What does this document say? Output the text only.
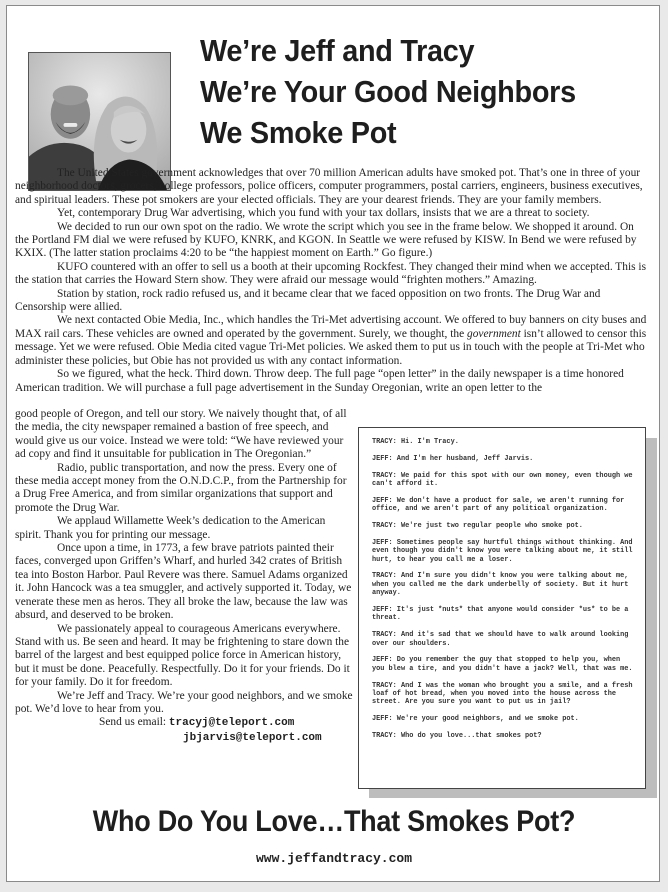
We’re Jeff and Tracy
We’re Your Good Neighbors
We Smoke Pot

The United States government acknowledges that over 70 million American adults have smoked pot. That’s one in three of your neighborhood doctors, grocers, college professors, police officers, computer programmers, postal carriers, engineers, business executives, and spiritual leaders. These pot smokers are your elected officials. They are your dearest friends. They are your family members.

Yet, contemporary Drug War advertising, which you fund with your tax dollars, insists that we are a threat to society.

We decided to run our own spot on the radio. We wrote the script which you see in the frame below. We shopped it around. On the Portland FM dial we were refused by KUFO, KNRK, and KGON. In Seattle we were refused by KISW. In Bend we were refused by KXIX. (The latter station proclaims 4:20 to be “the happiest moment on Earth.” Go figure.)

KUFO countered with an offer to sell us a booth at their upcoming Rockfest. They changed their mind when we accepted. This is the station that carries the Howard Stern show. They were afraid our message would “frighten mothers.” Amazing.

Station by station, rock radio refused us, and it became clear that we faced opposition on two fronts. The Drug War and Censorship were allied.

We next contacted Obie Media, Inc., which handles the Tri-Met advertising account. We offered to buy banners on city buses and MAX rail cars. These vehicles are owned and operated by the government. Surely, we thought, the government isn’t allowed to censor this message. Yet we were refused. Obie Media cited vague Tri-Met policies. We asked them to put us in touch with the people at Tri-Met who administer these policies, but Obie has not provided us with any contact information.

So we figured, what the heck. Third down. Throw deep. The full page “open letter” in the daily newspaper is a time honored American tradition. We will purchase a full page advertisement in the Sunday Oregonian, write an open letter to the

good people of Oregon, and tell our story. We naively thought that, of all the media, the city newspaper remained a bastion of free speech, and would give us our voice. Instead we were told: “We have reviewed your ad copy and find it unsuitable for publication in The Oregonian.”

Radio, public transportation, and now the press. Every one of these media accept money from the O.N.D.C.P., from the Partnership for a Drug Free America, and from similar organizations that support and promote the Drug War.

We applaud Willamette Week’s dedication to the American spirit. Thank you for printing our message.

Once upon a time, in 1773, a few brave patriots painted their faces, converged upon Griffen’s Wharf, and hurled 342 crates of British tea into Boston Harbor. Paul Revere was there. Samuel Adams organized it. John Hancock was a tea smuggler, and actively supported it. Today, we venerate these men as heros. They all broke the law, because the law was absurd, and deserved to be broken.

We passionately appeal to courageous Americans everywhere. Stand with us. Be seen and heard. It may be frightening to stare down the barrel of the largest and best equipped police force in American history, but it must be done. Peacefully. Respectfully. Do it for your friends. Do it for your family. Do it for freedom.

We’re Jeff and Tracy. We’re your good neighbors, and we smoke pot. We’d love to hear from you.

Send us email: tracyj@teleport.com

jbjarvis@teleport.com

TRACY: Hi. I'm Tracy.

JEFF: And I'm her husband, Jeff Jarvis.

TRACY: We paid for this spot with our own money, even though we can't afford it.

JEFF: We don't have a product for sale, we aren't running for office, and we aren't part of any political organization.

TRACY: We're just two regular people who smoke pot.

JEFF: Sometimes people say hurtful things without thinking. And even though you didn't know you were talking about me, it still hurt, to hear you call me a loser.

TRACY: And I'm sure you didn't know you were talking about me, when you called me the dark underbelly of society. But it hurt anyway.

JEFF: It's just *nuts* that anyone would consider *us* to be a threat.

TRACY: And it's sad that we should have to walk around looking over our shoulders.

JEFF: Do you remember the guy that stopped to help you, when you blew a tire, and you didn't have a jack? Well, that was me.

TRACY: And I was the woman who brought you a smile, and a fresh loaf of hot bread, when you moved into the house across the street. Are you sure you want to put us in jail?

JEFF: We're your good neighbors, and we smoke pot.

TRACY: Who do you love...that smokes pot?

Who Do You Love…That Smokes Pot?
www.jeffandtracy.com
